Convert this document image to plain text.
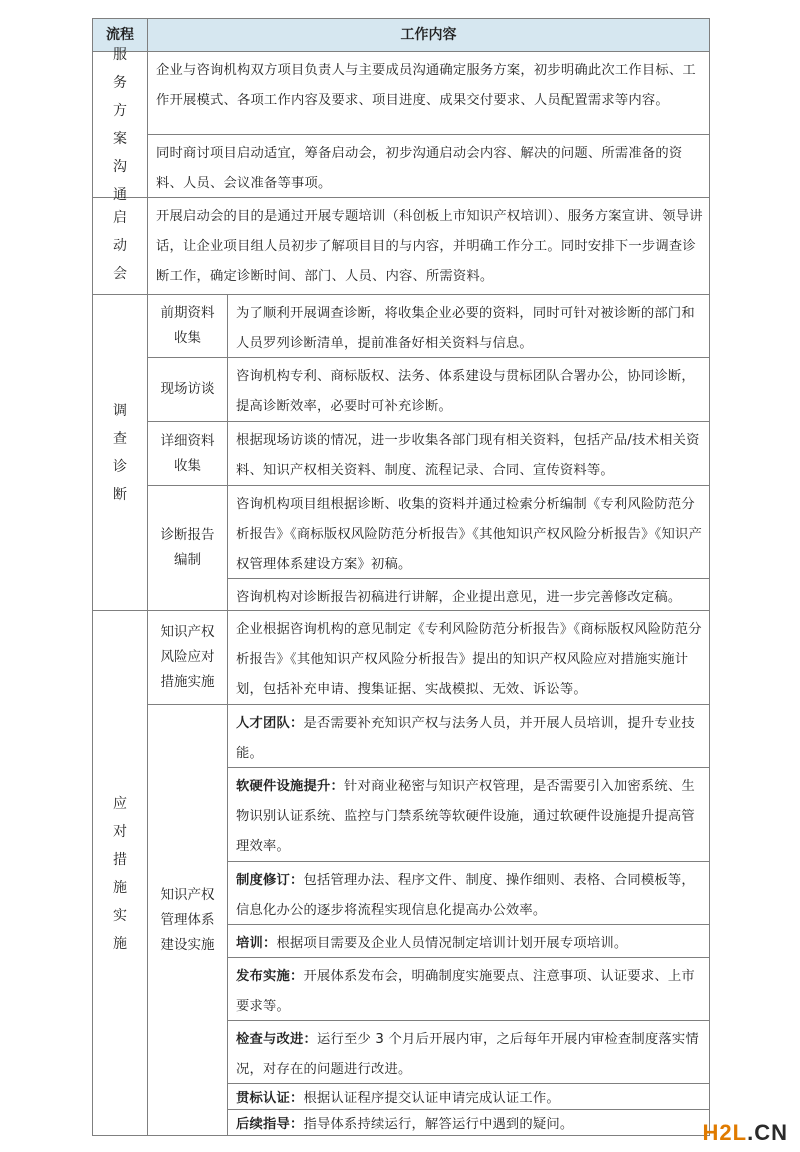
流程	工作内容
服务方案沟通
企业与咨询机构双方项目负责人与主要成员沟通确定服务方案，初步明确此次工作目标、工作开展模式、各项工作内容及要求、项目进度、成果交付要求、人员配置需求等内容。
同时商讨项目启动适宜，筹备启动会，初步沟通启动会内容、解决的问题、所需准备的资料、人员、会议准备等事项。
启动会
开展启动会的目的是通过开展专题培训（科创板上市知识产权培训）、服务方案宣讲、领导讲话，让企业项目组人员初步了解项目目的与内容，并明确工作分工。同时安排下一步调查诊断工作，确定诊断时间、部门、人员、内容、所需资料。
调查诊断
前期资料收集
为了顺利开展调查诊断，将收集企业必要的资料，同时可针对被诊断的部门和人员罗列诊断清单，提前准备好相关资料与信息。
现场访谈
咨询机构专利、商标版权、法务、体系建设与贯标团队合署办公，协同诊断，提高诊断效率，必要时可补充诊断。
详细资料收集
根据现场访谈的情况，进一步收集各部门现有相关资料，包括产品/技术相关资料、知识产权相关资料、制度、流程记录、合同、宣传资料等。
诊断报告编制
咨询机构项目组根据诊断、收集的资料并通过检索分析编制《专利风险防范分析报告》《商标版权风险防范分析报告》《其他知识产权风险分析报告》《知识产权管理体系建设方案》初稿。
咨询机构对诊断报告初稿进行讲解，企业提出意见，进一步完善修改定稿。
应对措施实施
知识产权风险应对措施实施
企业根据咨询机构的意见制定《专利风险防范分析报告》《商标版权风险防范分析报告》《其他知识产权风险分析报告》提出的知识产权风险应对措施实施计划，包括补充申请、搜集证据、实战模拟、无效、诉讼等。
知识产权管理体系建设实施
人才团队：是否需要补充知识产权与法务人员，并开展人员培训，提升专业技能。
软硬件设施提升：针对商业秘密与知识产权管理，是否需要引入加密系统、生物识别认证系统、监控与门禁系统等软硬件设施，通过软硬件设施提升提高管理效率。
制度修订：包括管理办法、程序文件、制度、操作细则、表格、合同模板等，信息化办公的逐步将流程实现信息化提高办公效率。
培训：根据项目需要及企业人员情况制定培训计划开展专项培训。
发布实施：开展体系发布会，明确制度实施要点、注意事项、认证要求、上市要求等。
检查与改进：运行至少 3 个月后开展内审，之后每年开展内审检查制度落实情况，对存在的问题进行改进。
贯标认证：根据认证程序提交认证申请完成认证工作。
后续指导：指导体系持续运行，解答运行中遇到的疑问。	H2L.CN
